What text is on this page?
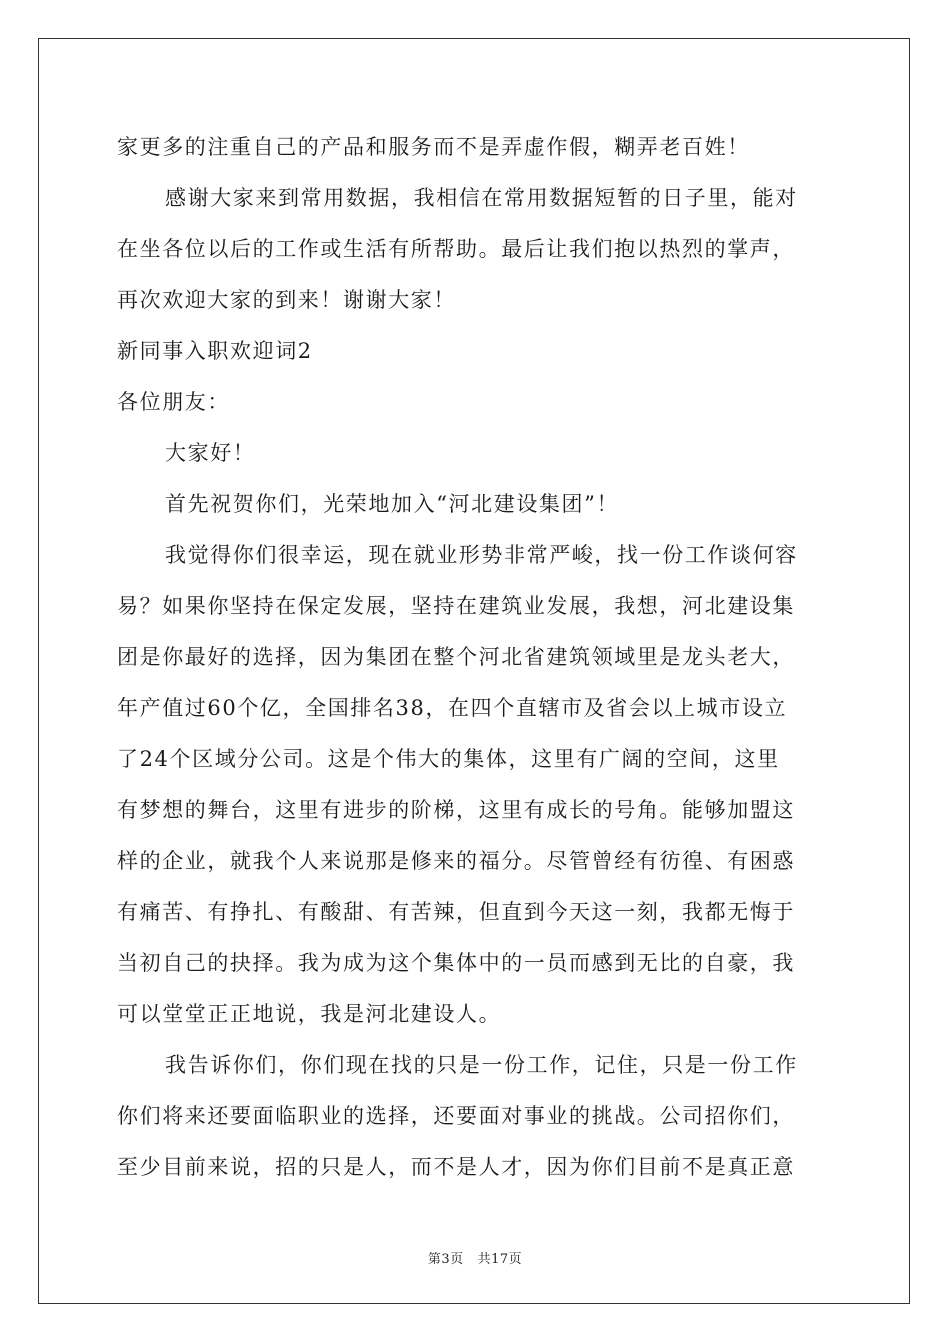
家更多的注重自己的产品和服务而不是弄虚作假，糊弄老百姓！
感谢大家来到常用数据，我相信在常用数据短暂的日子里，能对
在坐各位以后的工作或生活有所帮助。最后让我们抱以热烈的掌声，
再次欢迎大家的到来！谢谢大家！
新同事入职欢迎词2
各位朋友：
大家好！
首先祝贺你们，光荣地加入“河北建设集团”！
我觉得你们很幸运，现在就业形势非常严峻，找一份工作谈何容
易？如果你坚持在保定发展，坚持在建筑业发展，我想，河北建设集
团是你最好的选择，因为集团在整个河北省建筑领域里是龙头老大，
年产值过60个亿，全国排名38，在四个直辖市及省会以上城市设立
了24个区域分公司。这是个伟大的集体，这里有广阔的空间，这里
有梦想的舞台，这里有进步的阶梯，这里有成长的号角。能够加盟这
样的企业，就我个人来说那是修来的福分。尽管曾经有彷徨、有困惑
有痛苦、有挣扎、有酸甜、有苦辣，但直到今天这一刻，我都无悔于
当初自己的抉择。我为成为这个集体中的一员而感到无比的自豪，我
可以堂堂正正地说，我是河北建设人。
我告诉你们，你们现在找的只是一份工作，记住，只是一份工作
你们将来还要面临职业的选择，还要面对事业的挑战。公司招你们，
至少目前来说，招的只是人，而不是人才，因为你们目前不是真正意
第3页 共17页
